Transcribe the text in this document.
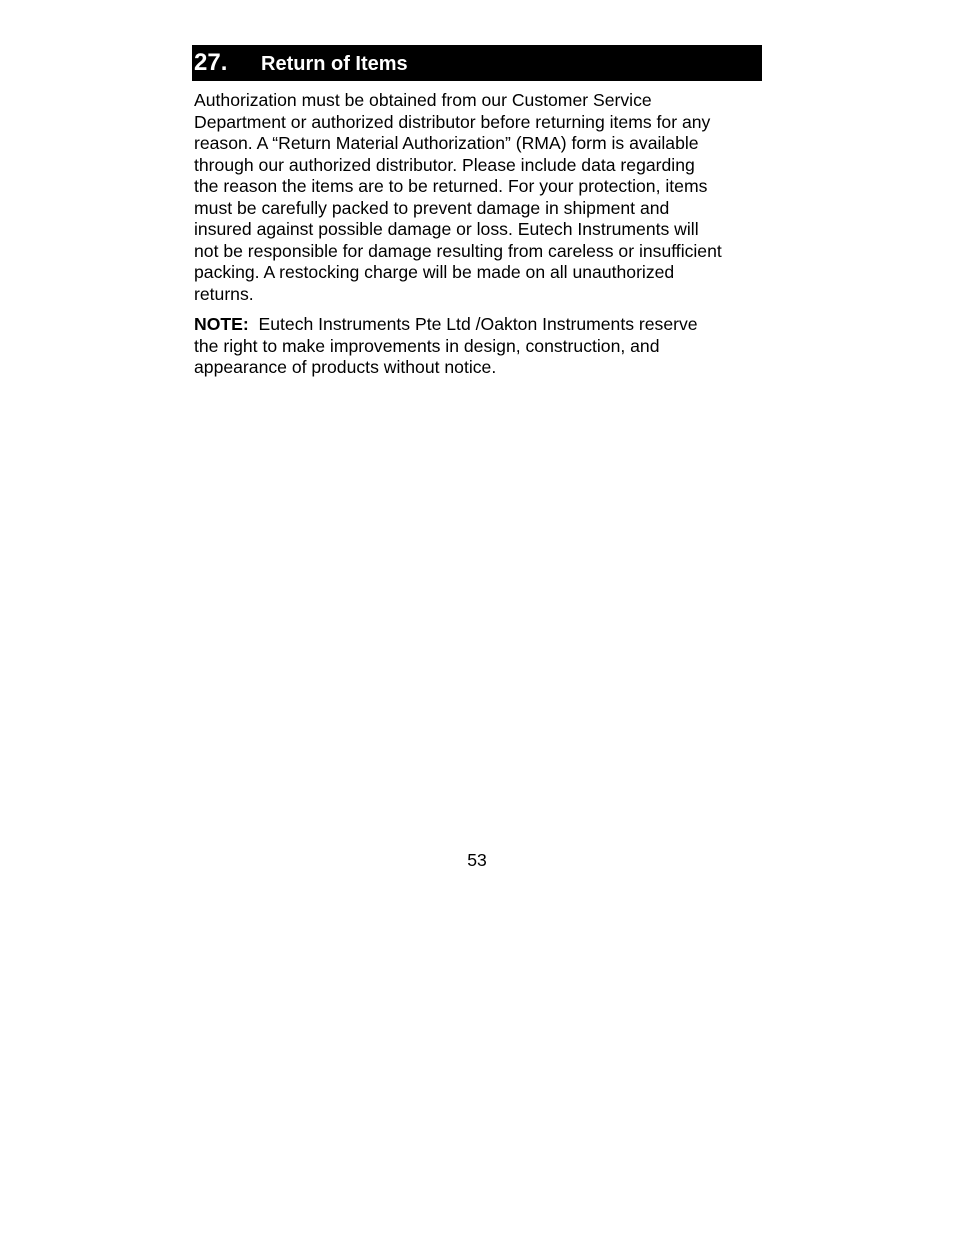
27.	Return of Items

Authorization must be obtained from our Customer Service
Department or authorized distributor before returning items for any
reason. A “Return Material Authorization” (RMA) form is available
through our authorized distributor. Please include data regarding
the reason the items are to be returned. For your protection, items
must be carefully packed to prevent damage in shipment and
insured against possible damage or loss. Eutech Instruments will
not be responsible for damage resulting from careless or insufficient
packing. A restocking charge will be made on all unauthorized
returns.

NOTE:  Eutech Instruments Pte Ltd /Oakton Instruments reserve
the right to make improvements in design, construction, and
appearance of products without notice.

53
